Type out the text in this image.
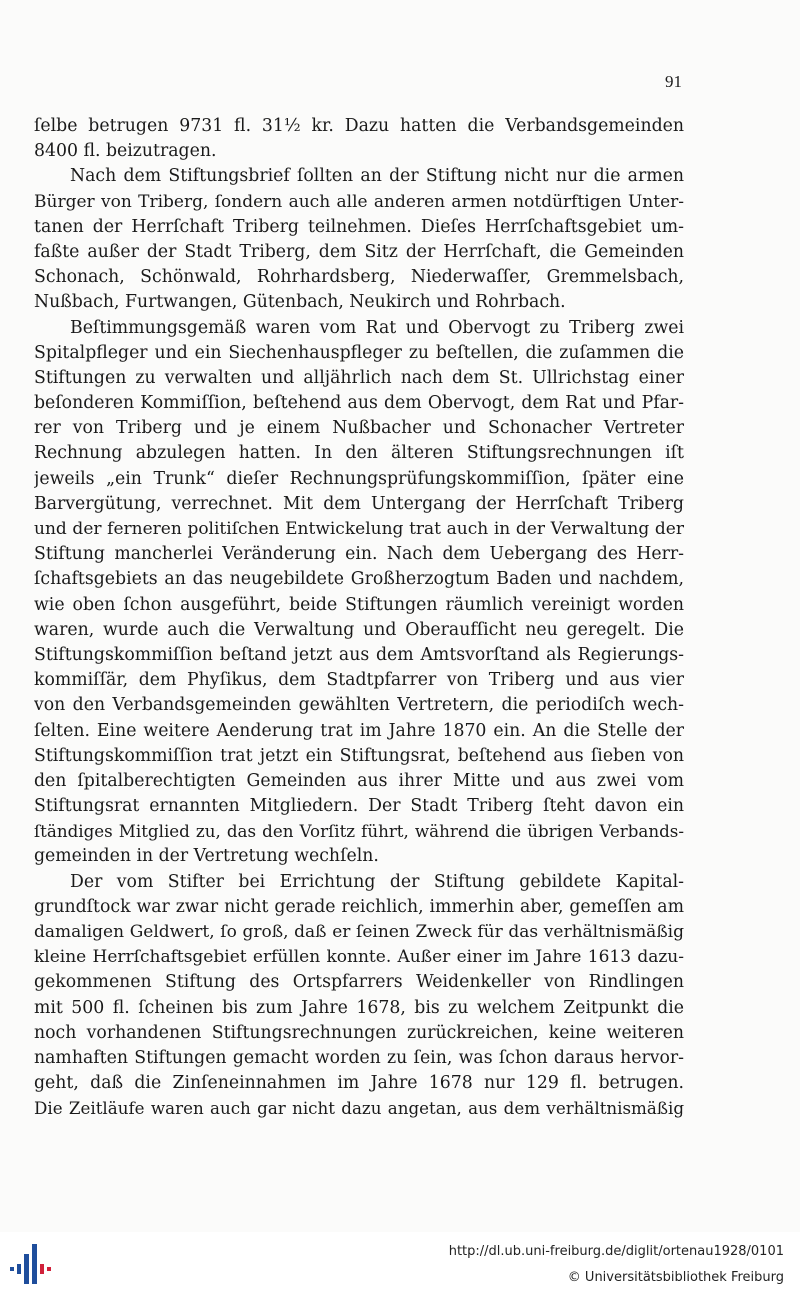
91
ſelbe betrugen 9731 fl. 31½ kr. Dazu hatten die Verbandsgemeinden
8400 fl. beizutragen.
Nach dem Stiftungsbrief ſollten an der Stiftung nicht nur die armen
Bürger von Triberg, ſondern auch alle anderen armen notdürftigen Unter-
tanen der Herrſchaft Triberg teilnehmen. Dieſes Herrſchaftsgebiet um-
faßte außer der Stadt Triberg, dem Sitz der Herrſchaft, die Gemeinden
Schonach, Schönwald, Rohrhardsberg, Niederwaſſer, Gremmelsbach,
Nußbach, Furtwangen, Gütenbach, Neukirch und Rohrbach.
Beſtimmungsgemäß waren vom Rat und Obervogt zu Triberg zwei
Spitalpfleger und ein Siechenhauspfleger zu beſtellen, die zuſammen die
Stiftungen zu verwalten und alljährlich nach dem St. Ullrichstag einer
beſonderen Kommiſſion, beſtehend aus dem Obervogt, dem Rat und Pfar-
rer von Triberg und je einem Nußbacher und Schonacher Vertreter
Rechnung abzulegen hatten. In den älteren Stiftungsrechnungen iſt
jeweils „ein Trunk“ dieſer Rechnungsprüfungskommiſſion, ſpäter eine
Barvergütung, verrechnet. Mit dem Untergang der Herrſchaft Triberg
und der ferneren politiſchen Entwickelung trat auch in der Verwaltung der
Stiftung mancherlei Veränderung ein. Nach dem Uebergang des Herr-
ſchaftsgebiets an das neugebildete Großherzogtum Baden und nachdem,
wie oben ſchon ausgeführt, beide Stiftungen räumlich vereinigt worden
waren, wurde auch die Verwaltung und Oberaufſicht neu geregelt. Die
Stiftungskommiſſion beſtand jetzt aus dem Amtsvorſtand als Regierungs-
kommiſſär, dem Phyſikus, dem Stadtpfarrer von Triberg und aus vier
von den Verbandsgemeinden gewählten Vertretern, die periodiſch wech-
ſelten. Eine weitere Aenderung trat im Jahre 1870 ein. An die Stelle der
Stiftungskommiſſion trat jetzt ein Stiftungsrat, beſtehend aus ſieben von
den ſpitalberechtigten Gemeinden aus ihrer Mitte und aus zwei vom
Stiftungsrat ernannten Mitgliedern. Der Stadt Triberg ſteht davon ein
ſtändiges Mitglied zu, das den Vorſitz führt, während die übrigen Verbands-
gemeinden in der Vertretung wechſeln.
Der vom Stifter bei Errichtung der Stiftung gebildete Kapital-
grundſtock war zwar nicht gerade reichlich, immerhin aber, gemeſſen am
damaligen Geldwert, ſo groß, daß er ſeinen Zweck für das verhältnismäßig
kleine Herrſchaftsgebiet erfüllen konnte. Außer einer im Jahre 1613 dazu-
gekommenen Stiftung des Ortspfarrers Weidenkeller von Rindlingen
mit 500 fl. ſcheinen bis zum Jahre 1678, bis zu welchem Zeitpunkt die
noch vorhandenen Stiftungsrechnungen zurückreichen, keine weiteren
namhaften Stiftungen gemacht worden zu ſein, was ſchon daraus hervor-
geht, daß die Zinſeneinnahmen im Jahre 1678 nur 129 fl. betrugen.
Die Zeitläufe waren auch gar nicht dazu angetan, aus dem verhältnismäßig
http://dl.ub.uni-freiburg.de/diglit/ortenau1928/0101
© Universitätsbibliothek Freiburg
